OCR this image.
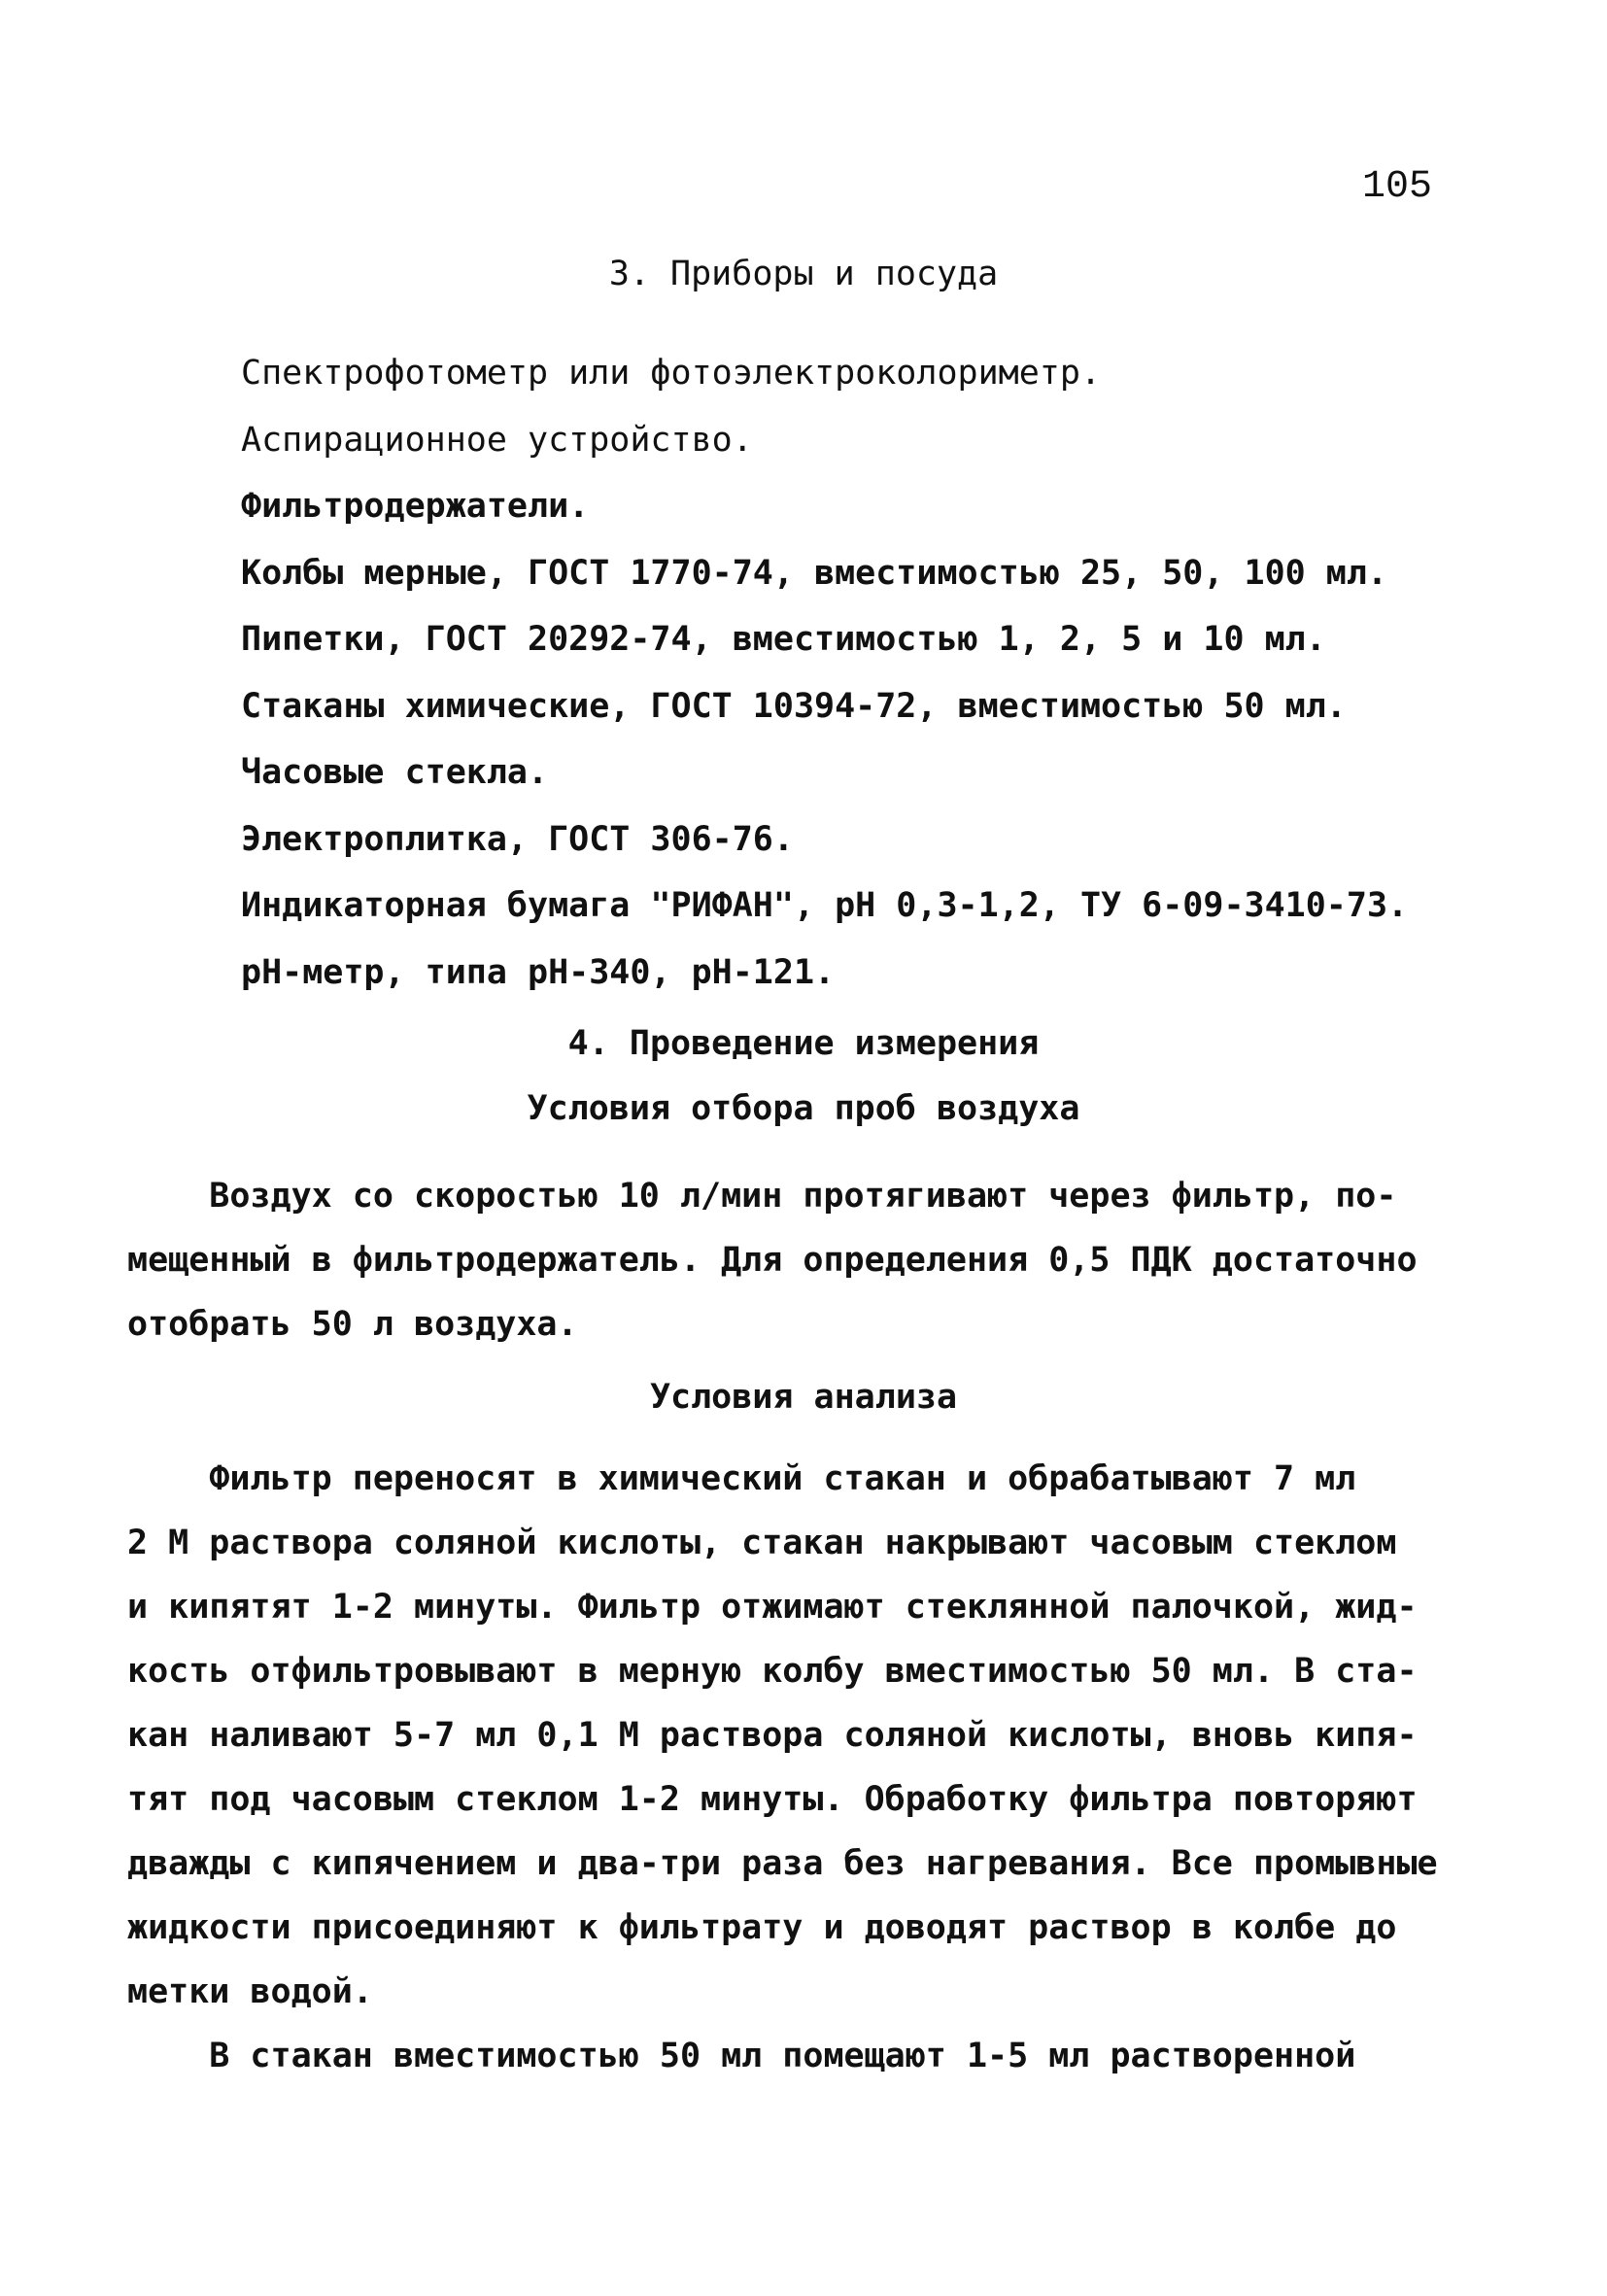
105
3. Приборы и посуда
Спектрофотометр или фотоэлектроколориметр.
Аспирационное устройство.
Фильтродержатели.
Колбы мерные, ГОСТ 1770-74, вместимостью 25, 50, 100 мл.
Пипетки, ГОСТ 20292-74, вместимостью 1, 2, 5 и 10 мл.
Стаканы химические, ГОСТ 10394-72, вместимостью 50 мл.
Часовые стекла.
Электроплитка, ГОСТ 306-76.
Индикаторная бумага "РИФАН", рН 0,3-1,2, ТУ 6-09-3410-73.
рН-метр, типа рН-340, рН-121.
4. Проведение измерения
Условия отбора проб воздуха

Воздух со скоростью 10 л/мин протягивают через фильтр, по-
мещенный в фильтродержатель. Для определения 0,5 ПДК достаточно
отобрать 50 л воздуха.

Условия анализа

Фильтр переносят в химический стакан и обрабатывают 7 мл
2 М раствора соляной кислоты, стакан накрывают часовым стеклом
и кипятят 1-2 минуты. Фильтр отжимают стеклянной палочкой, жид-
кость отфильтровывают в мерную колбу вместимостью 50 мл. В ста-
кан наливают 5-7 мл 0,1 М раствора соляной кислоты, вновь кипя-
тят под часовым стеклом 1-2 минуты. Обработку фильтра повторяют
дважды с кипячением и два-три раза без нагревания. Все промывные
жидкости присоединяют к фильтрату и доводят раствор в колбе до
метки водой.

В стакан вместимостью 50 мл помещают 1-5 мл растворенной
